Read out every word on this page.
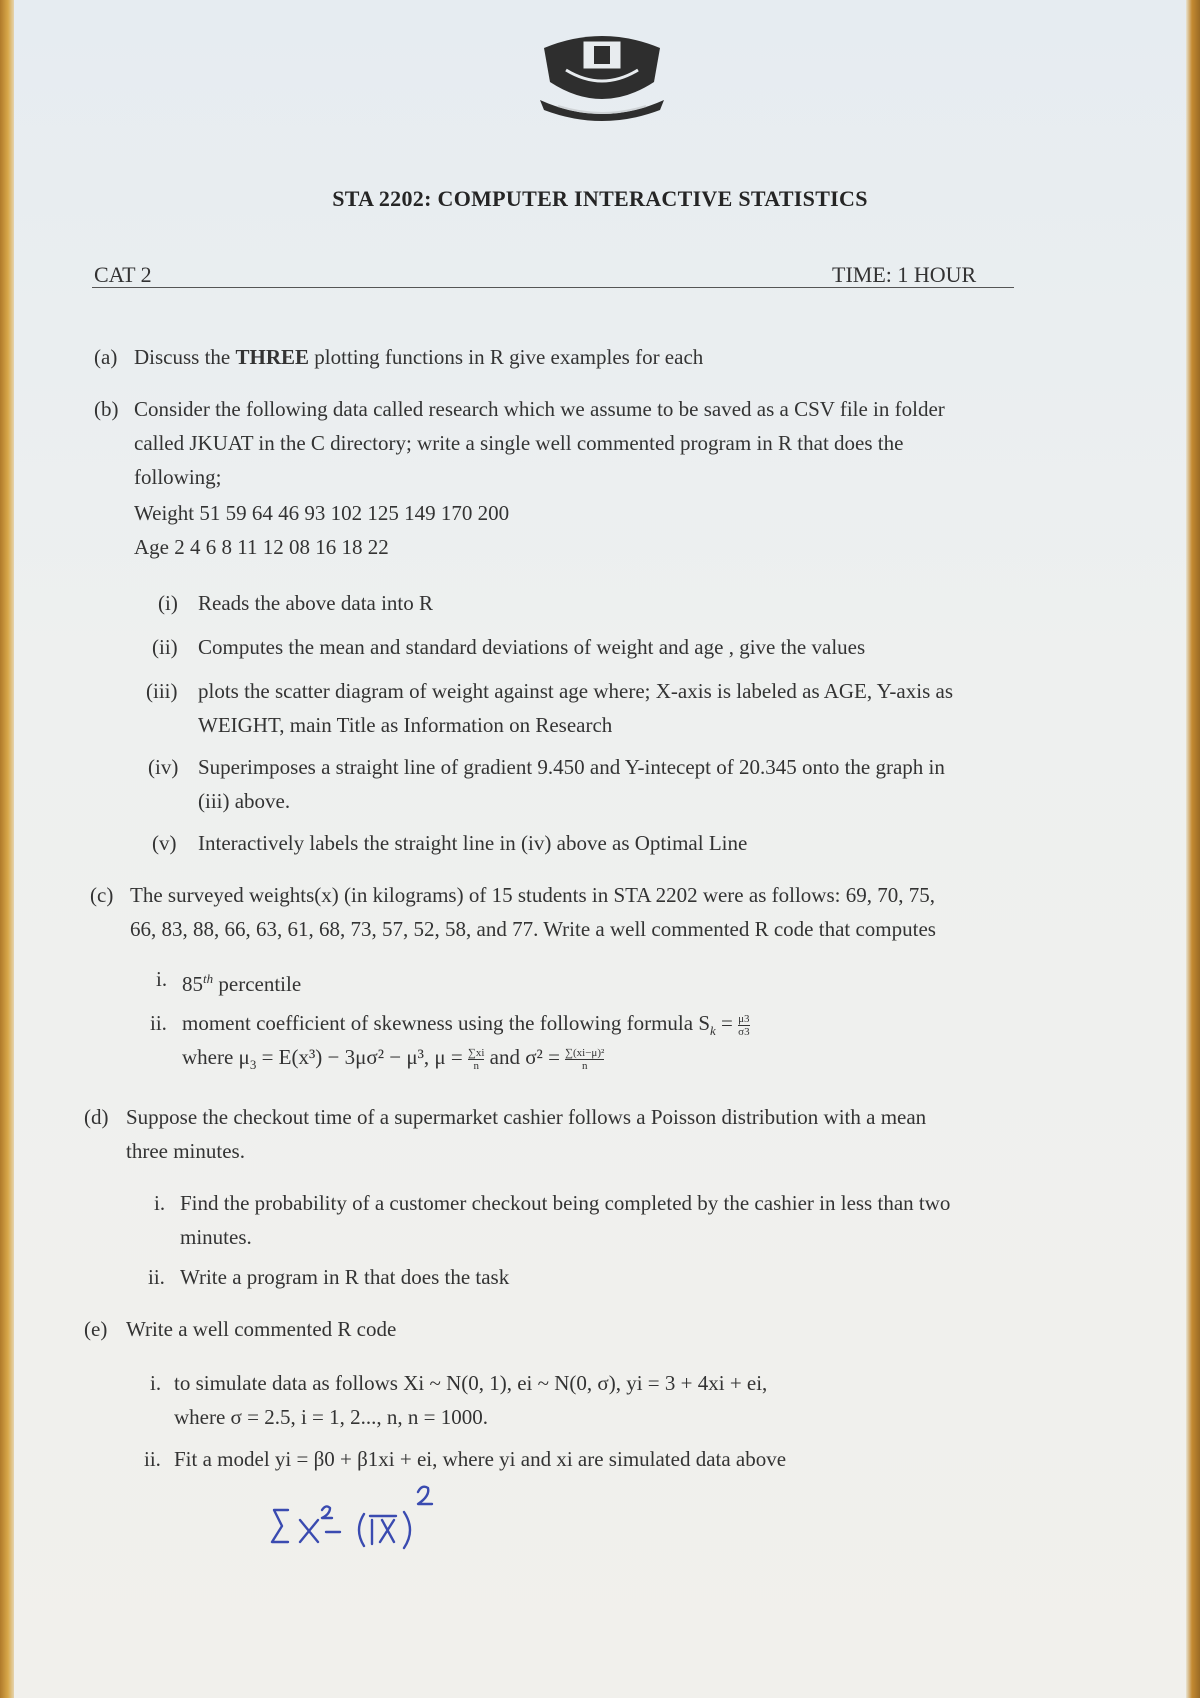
STA 2202: COMPUTER INTERACTIVE STATISTICS
CAT 2	TIME: 1 HOUR
(a) Discuss the THREE plotting functions in R give examples for each
(b) Consider the following data called research which we assume to be saved as a CSV file in folder
called JKUAT in the C directory; write a single well commented program in R that does the
following;
Weight 51 59 64 46 93 102 125 149 170 200
Age 2 4 6 8 11 12 08 16 18 22
(i) Reads the above data into R
(ii) Computes the mean and standard deviations of weight and age , give the values
(iii) plots the scatter diagram of weight against age where; X-axis is labeled as AGE, Y-axis as
WEIGHT, main Title as Information on Research
(iv) Superimposes a straight line of gradient 9.450 and Y-intecept of 20.345 onto the graph in
(iii) above.
(v) Interactively labels the straight line in (iv) above as Optimal Line
(c) The surveyed weights(x) (in kilograms) of 15 students in STA 2202 were as follows: 69, 70, 75,
66, 83, 88, 66, 63, 61, 68, 73, 57, 52, 58, and 77. Write a well commented R code that computes
i. 85th percentile
ii. moment coefficient of skewness using the following formula $S_k = \frac{\mu 3}{\sigma 3}$
where $\mu_3 = E(x^3) - 3\mu\sigma^2 - \mu^3$, $\mu = \frac{\sum xi}{n}$ and $\sigma^2 = \frac{\text{∑(xi−μ)²}}{n}$
(d) Suppose the checkout time of a supermarket cashier follows a Poisson distribution with a mean
three minutes.
i. Find the probability of a customer checkout being completed by the cashier in less than two
minutes.
ii. Write a program in R that does the task
(e) Write a well commented R code
i. to simulate data as follows Xi ~ N(0, 1), ei ~ N(0, σ), yi = 3 + 4xi + ei,
where σ = 2.5, i = 1, 2..., n, n = 1000.
ii. Fit a model yi = β0 + β1xi + ei, where yi and xi are simulated data above
